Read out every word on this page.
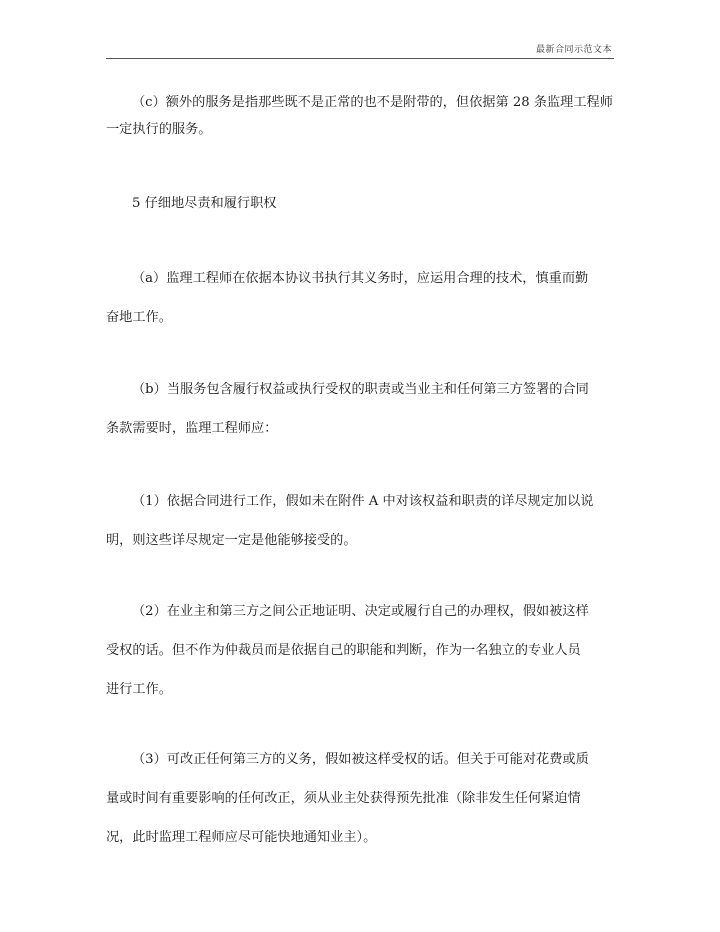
最新合同示范文本
（c）额外的服务是指那些既不是正常的也不是附带的，但依据第 28 条监理工程师
一定执行的服务。
5 仔细地尽责和履行职权
（a）监理工程师在依据本协议书执行其义务时，应运用合理的技术，慎重而勤
奋地工作。
（b）当服务包含履行权益或执行受权的职责或当业主和任何第三方签署的合同
条款需要时，监理工程师应：
（1）依据合同进行工作，假如未在附件 A 中对该权益和职责的详尽规定加以说
明，则这些详尽规定一定是他能够接受的。
（2）在业主和第三方之间公正地证明、决定或履行自己的办理权，假如被这样
受权的话。但不作为仲裁员而是依据自己的职能和判断，作为一名独立的专业人员
进行工作。
（3）可改正任何第三方的义务，假如被这样受权的话。但关于可能对花费或质
量或时间有重要影响的任何改正，须从业主处获得预先批准（除非发生任何紧迫情
况，此时监理工程师应尽可能快地通知业主）。
